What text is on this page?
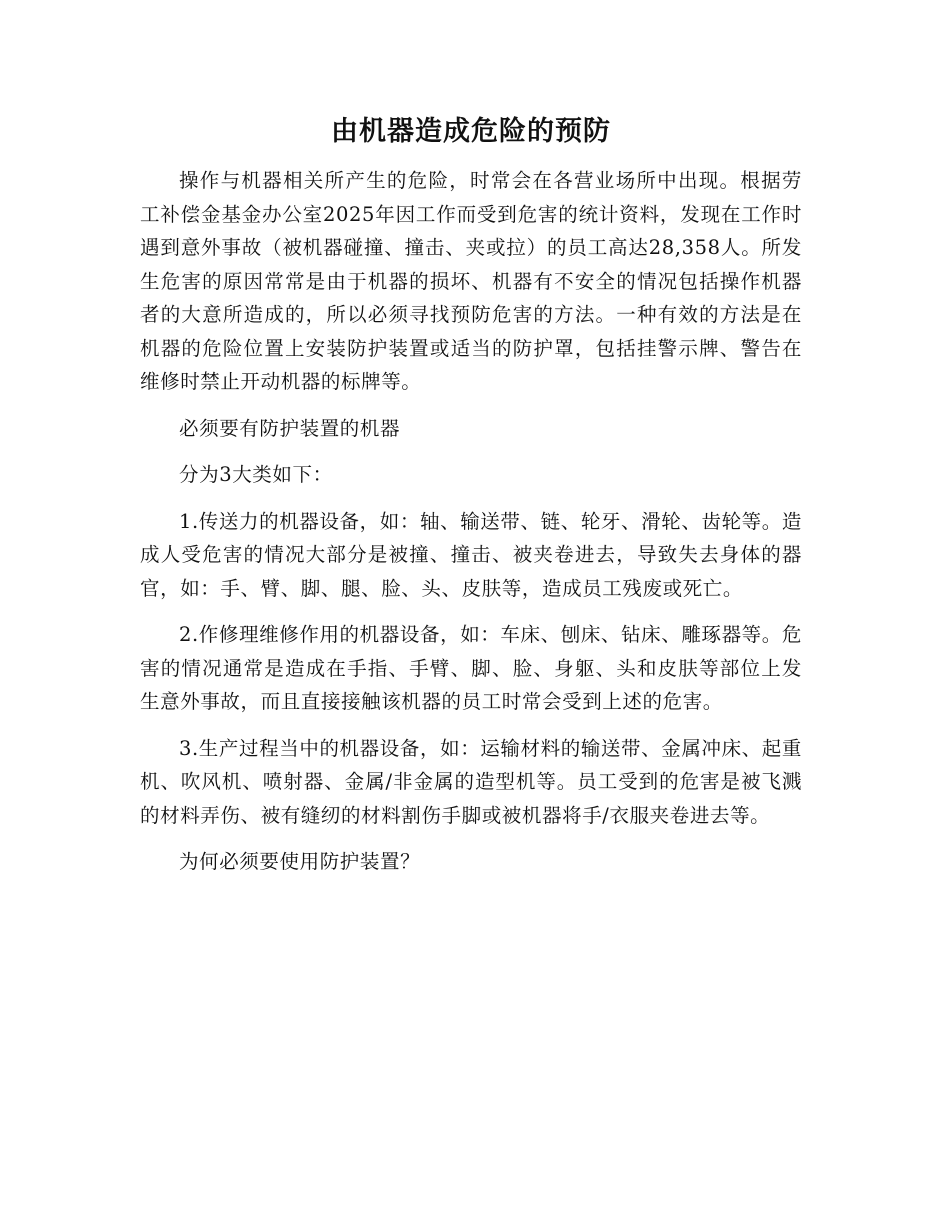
由机器造成危险的预防

操作与机器相关所产生的危险，时常会在各营业场所中出现。根据劳工补偿金基金办公室2025年因工作而受到危害的统计资料，发现在工作时遇到意外事故（被机器碰撞、撞击、夹或拉）的员工高达28,358人。所发生危害的原因常常是由于机器的损坏、机器有不安全的情况包括操作机器者的大意所造成的，所以必须寻找预防危害的方法。一种有效的方法是在机器的危险位置上安装防护装置或适当的防护罩，包括挂警示牌、警告在维修时禁止开动机器的标牌等。

必须要有防护装置的机器

分为3大类如下：

1.传送力的机器设备，如：轴、输送带、链、轮牙、滑轮、齿轮等。造成人受危害的情况大部分是被撞、撞击、被夹卷进去，导致失去身体的器官，如：手、臂、脚、腿、脸、头、皮肤等，造成员工残废或死亡。

2.作修理维修作用的机器设备，如：车床、刨床、钻床、雕琢器等。危害的情况通常是造成在手指、手臂、脚、脸、身躯、头和皮肤等部位上发生意外事故，而且直接接触该机器的员工时常会受到上述的危害。

3.生产过程当中的机器设备，如：运输材料的输送带、金属冲床、起重机、吹风机、喷射器、金属/非金属的造型机等。员工受到的危害是被飞溅的材料弄伤、被有缝纫的材料割伤手脚或被机器将手/衣服夹卷进去等。

为何必须要使用防护装置？
